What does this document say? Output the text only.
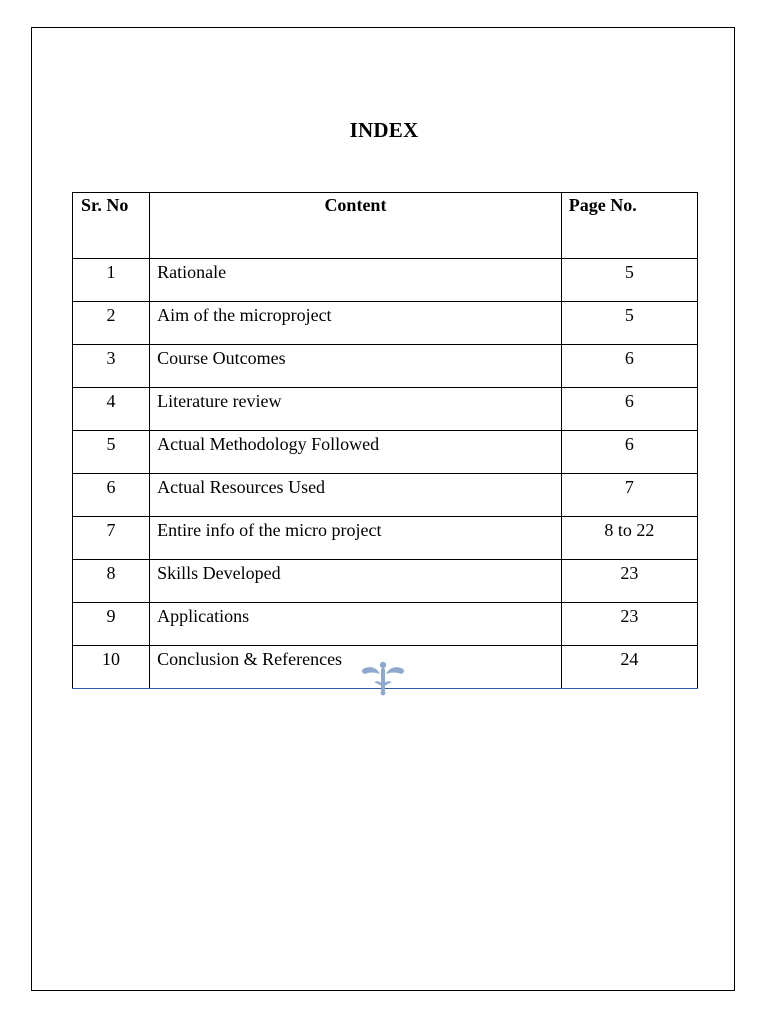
INDEX
Sr. No	Content	Page No.
1	Rationale	5
2	Aim of the microproject	5
3	Course Outcomes	6
4	Literature review	6
5	Actual Methodology Followed	6
6	Actual Resources Used	7
7	Entire info of the micro project	8 to 22
8	Skills Developed	23
9	Applications	23
10	Conclusion & References	24
